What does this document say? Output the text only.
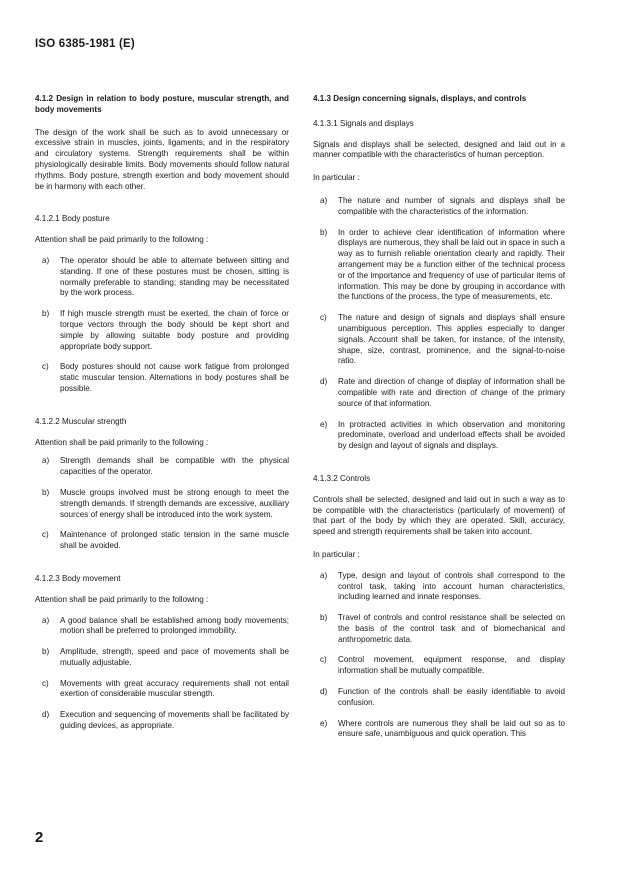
ISO 6385-1981 (E)

4.1.2 Design in relation to body posture, muscular strength, and body movements

The design of the work shall be such as to avoid unnecessary or excessive strain in muscles, joints, ligaments, and in the respiratory and circulatory systems. Strength requirements shall be within physiologically desirable limits. Body movements should follow natural rhythms. Body posture, strength exertion and body movement should be in harmony with each other.

4.1.2.1 Body posture

Attention shall be paid primarily to the following :

a)	The operator should be able to alternate between sitting and standing. If one of these postures must be chosen, sitting is normally preferable to standing; standing may be necessitated by the work process.
b)	If high muscle strength must be exerted, the chain of force or torque vectors through the body should be kept short and simple by allowing suitable body posture and providing appropriate body support.
c)	Body postures should not cause work fatigue from prolonged static muscular tension. Alternations in body postures shall be possible.

4.1.2.2 Muscular strength

Attention shall be paid primarily to the following :

a)	Strength demands shall be compatible with the physical capacities of the operator.
b)	Muscle groups involved must be strong enough to meet the strength demands. If strength demands are excessive, auxiliary sources of energy shall be introduced into the work system.
c)	Maintenance of prolonged static tension in the same muscle shall be avoided.

4.1.2.3 Body movement

Attention shall be paid primarily to the following :

a)	A good balance shall be established among body movements; motion shall be preferred to prolonged immobility.
b)	Amplitude, strength, speed and pace of movements shall be mutually adjustable.
c)	Movements with great accuracy requirements shall not entail exertion of considerable muscular strength.
d)	Execution and sequencing of movements shall be facilitated by guiding devices, as appropriate.

4.1.3 Design concerning signals, displays, and controls

4.1.3.1 Signals and displays

Signals and displays shall be selected, designed and laid out in a manner compatible with the characteristics of human perception.

In particular :

a)	The nature and number of signals and displays shall be compatible with the characteristics of the information.
b)	In order to achieve clear identification of information where displays are numerous, they shall be laid out in space in such a way as to furnish reliable orientation clearly and rapidly. Their arrangement may be a function either of the technical process or of the importance and frequency of use of particular items of information. This may be done by grouping in accordance with the functions of the process, the type of measurements, etc.
c)	The nature and design of signals and displays shall ensure unambiguous perception. This applies especially to danger signals. Account shall be taken, for instance, of the intensity, shape, size, contrast, prominence, and the signal-to-noise ratio.
d)	Rate and direction of change of display of information shall be compatible with rate and direction of change of the primary source of that information.
e)	In protracted activities in which observation and monitoring predominate, overload and underload effects shall be avoided by design and layout of signals and displays.

4.1.3.2 Controls

Controls shall be selected, designed and laid out in such a way as to be compatible with the characteristics (particularly of movement) of that part of the body by which they are operated. Skill, accuracy, speed and strength requirements shall be taken into account.

In particular :

a)	Type, design and layout of controls shall correspond to the control task, taking into account human characteristics, including learned and innate responses.
b)	Travel of controls and control resistance shall be selected on the basis of the control task and of biomechanical and anthropometric data.
c)	Control movement, equipment response, and display information shall be mutually compatible.
d)	Function of the controls shall be easily identifiable to avoid confusion.
e)	Where controls are numerous they shall be laid out so as to ensure safe, unambiguous and quick operation. This
2
